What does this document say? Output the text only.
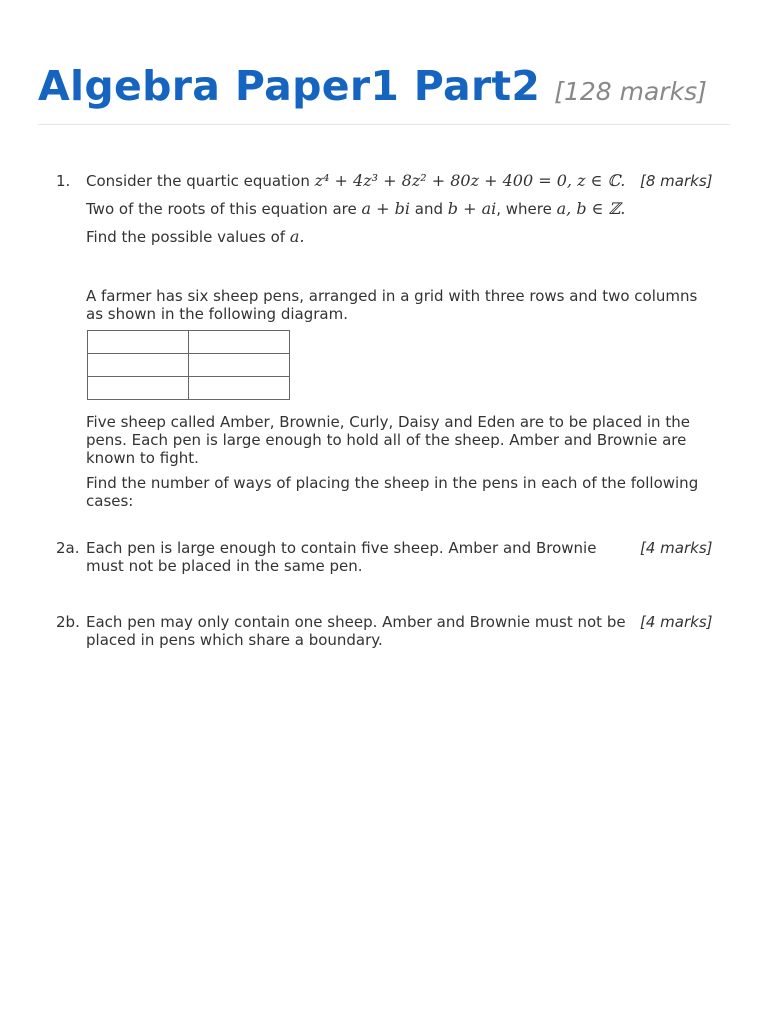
Algebra Paper1 Part2 [128 marks]
1. Consider the quartic equation z⁴ + 4z³ + 8z² + 80z + 400 = 0, z ∈ ℂ.
Two of the roots of this equation are a + bi and b + ai, where a, b ∈ ℤ.
Find the possible values of a.
[8 marks]

A farmer has six sheep pens, arranged in a grid with three rows and two columns as shown in the following diagram.

Five sheep called Amber, Brownie, Curly, Daisy and Eden are to be placed in the pens. Each pen is large enough to hold all of the sheep. Amber and Brownie are known to fight.

Find the number of ways of placing the sheep in the pens in each of the following cases:

2a. Each pen is large enough to contain five sheep. Amber and Brownie must not be placed in the same pen.
[4 marks]
2b. Each pen may only contain one sheep. Amber and Brownie must not be placed in pens which share a boundary.
[4 marks]
